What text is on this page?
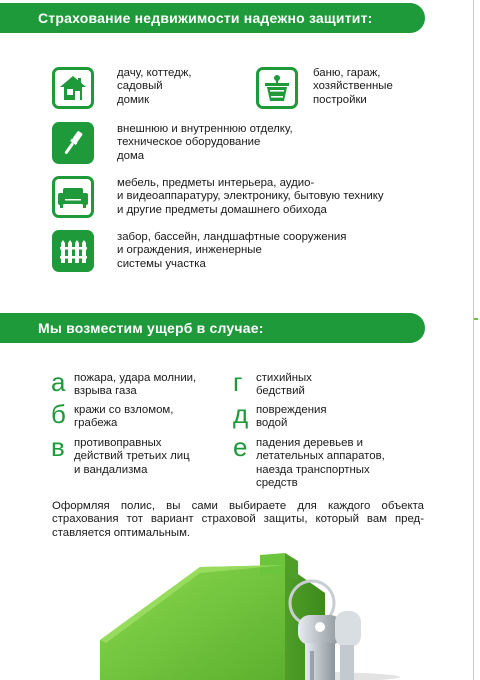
Страхование недвижимости надежно защитит:
дачу, коттедж,
садовый
домик
баню, гараж,
хозяйственные
постройки
внешнюю и внутреннюю отделку,
техническое оборудование
дома
мебель, предметы интерьера, аудио-
и видеоаппаратуру, электронику, бытовую технику
и другие предметы домашнего обихода
забор, бассейн, ландшафтные сооружения
и ограждения, инженерные
системы участка
Мы возместим ущерб в случае:
а пожара, удара молнии,
взрыва газа
б кражи со взломом,
грабежа
в противоправных
действий третьих лиц
и вандализма
г стихийных
бедствий
д повреждения
водой
е падения деревьев и
летательных аппаратов,
наезда транспортных
средств
Оформляя полис, вы сами выбираете для каждого объекта страхования тот вариант страховой защиты, который вам пред-ставляется оптимальным.
